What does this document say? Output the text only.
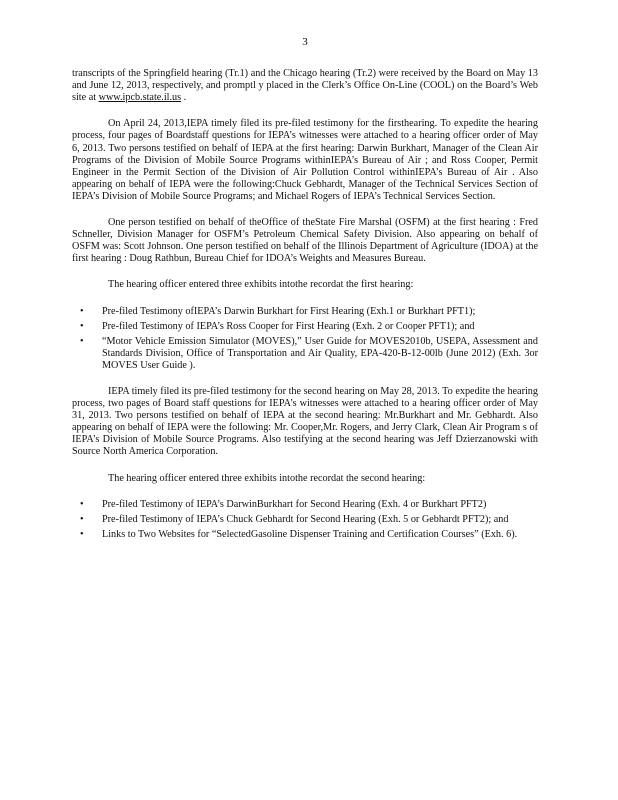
3

transcripts of the Springfield hearing (Tr.1) and the Chicago hearing (Tr.2) were received by the Board on May 13 and June 12, 2013, respectively, and promptl y placed in the Clerk’s Office On-Line (COOL) on the Board’s Web site at www.ipcb.state.il.us .

On April 24, 2013,IEPA timely filed its pre-filed testimony for the firsthearing. To expedite the hearing process, four pages of Boardstaff questions for IEPA’s witnesses were attached to a hearing officer order of May 6, 2013. Two persons testified on behalf of IEPA at the first hearing: Darwin Burkhart, Manager of the Clean Air Programs of the Division of Mobile Source Programs withinIEPA’s Bureau of Air ; and Ross Cooper, Permit Engineer in the Permit Section of the Division of Air Pollution Control withinIEPA’s Bureau of Air . Also appearing on behalf of IEPA were the following:Chuck Gebhardt, Manager of the Technical Services Section of IEPA’s Division of Mobile Source Programs; and Michael Rogers of IEPA’s Technical Services Section.

One person testified on behalf of theOffice of theState Fire Marshal (OSFM) at the first hearing : Fred Schneller, Division Manager for OSFM’s Petroleum Chemical Safety Division. Also appearing on behalf of OSFM was: Scott Johnson. One person testified on behalf of the Illinois Department of Agriculture (IDOA) at the first hearing : Doug Rathbun, Bureau Chief for IDOA’s Weights and Measures Bureau.

The hearing officer entered three exhibits intothe recordat the first hearing:

• Pre-filed Testimony ofIEPA’s Darwin Burkhart for First Hearing (Exh.1 or Burkhart PFT1);
• Pre-filed Testimony of IEPA’s Ross Cooper for First Hearing (Exh. 2 or Cooper PFT1); and
• “Motor Vehicle Emission Simulator (MOVES),” User Guide for MOVES2010b, USEPA, Assessment and Standards Division, Office of Transportation and Air Quality, EPA-420-B-12-00lb (June 2012) (Exh. 3or MOVES User Guide ).

IEPA timely filed its pre-filed testimony for the second hearing on May 28, 2013. To expedite the hearing process, two pages of Board staff questions for IEPA’s witnesses were attached to a hearing officer order of May 31, 2013. Two persons testified on behalf of IEPA at the second hearing: Mr.Burkhart and Mr. Gebhardt. Also appearing on behalf of IEPA were the following: Mr. Cooper,Mr. Rogers, and Jerry Clark, Clean Air Program s of IEPA’s Division of Mobile Source Programs. Also testifying at the second hearing was Jeff Dzierzanowski with Source North America Corporation.

The hearing officer entered three exhibits intothe recordat the second hearing:

• Pre-filed Testimony of IEPA’s DarwinBurkhart for Second Hearing (Exh. 4 or Burkhart PFT2)
• Pre-filed Testimony of IEPA’s Chuck Gebhardt for Second Hearing (Exh. 5 or Gebhardt PFT2); and
• Links to Two Websites for “SelectedGasoline Dispenser Training and Certification Courses” (Exh. 6).
